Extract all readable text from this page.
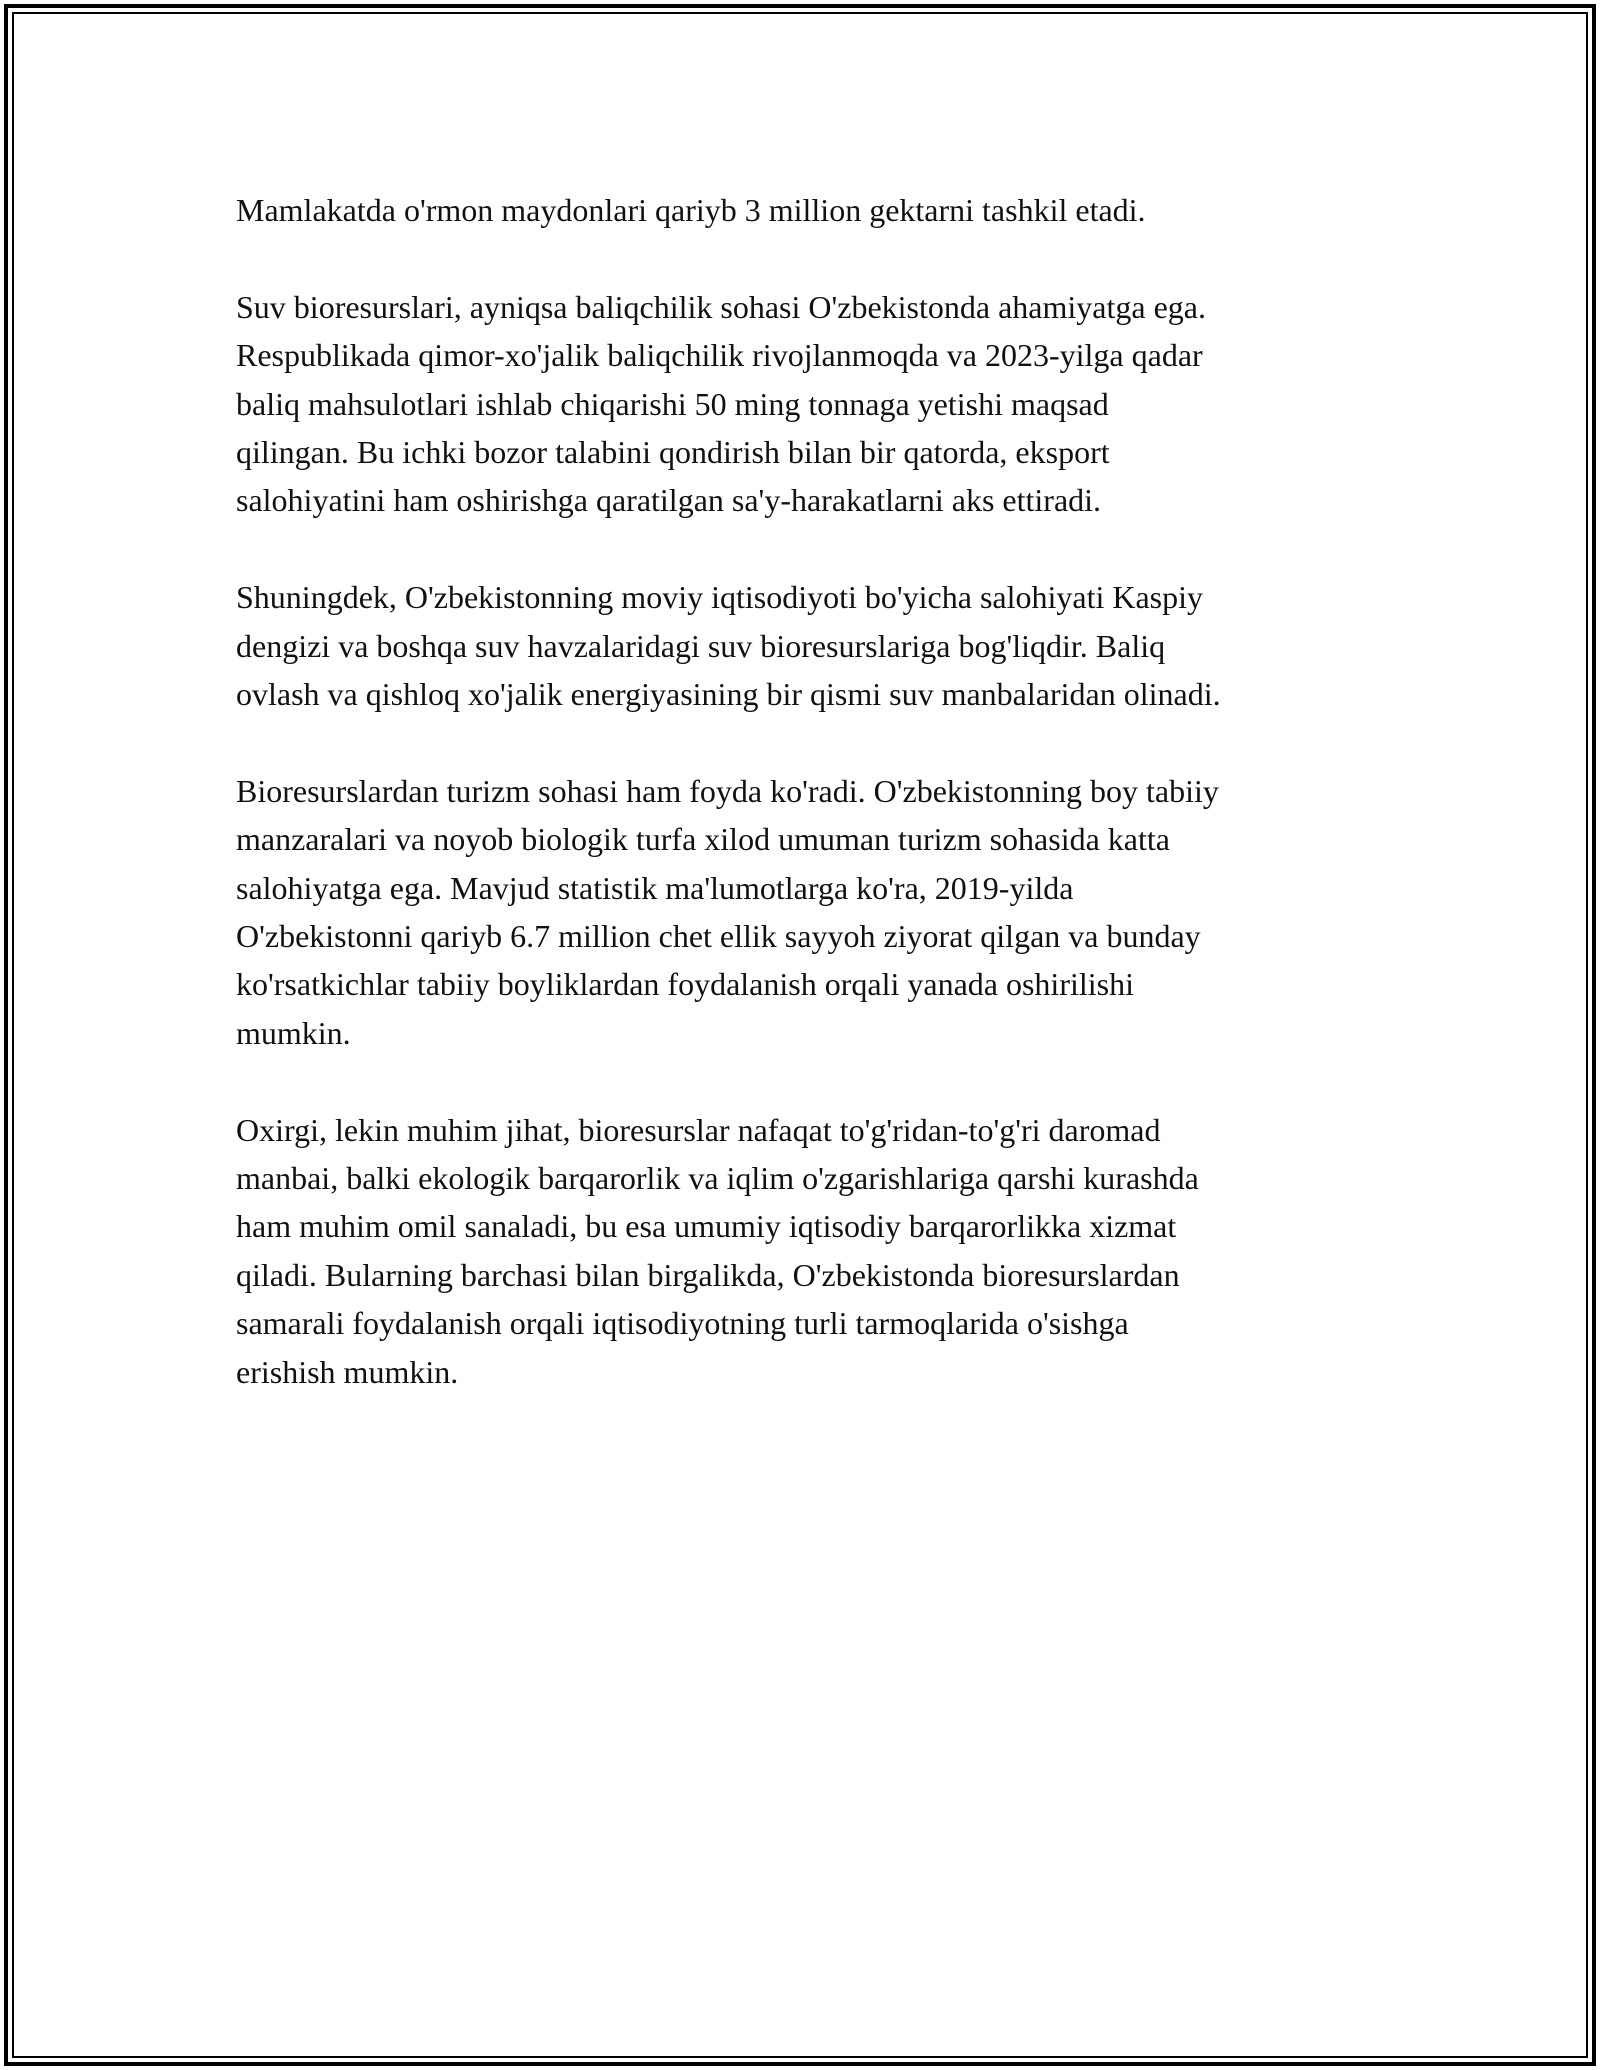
Mamlakatda o'rmon maydonlari qariyb 3 million gektarni tashkil etadi.

Suv bioresurslari, ayniqsa baliqchilik sohasi O'zbekistonda ahamiyatga ega.
Respublikada qimor-xo'jalik baliqchilik rivojlanmoqda va 2023-yilga qadar
baliq mahsulotlari ishlab chiqarishi 50 ming tonnaga yetishi maqsad
qilingan. Bu ichki bozor talabini qondirish bilan bir qatorda, eksport
salohiyatini ham oshirishga qaratilgan sa'y-harakatlarni aks ettiradi.

Shuningdek, O'zbekistonning moviy iqtisodiyoti bo'yicha salohiyati Kaspiy
dengizi va boshqa suv havzalaridagi suv bioresurslariga bog'liqdir. Baliq
ovlash va qishloq xo'jalik energiyasining bir qismi suv manbalaridan olinadi.

Bioresurslardan turizm sohasi ham foyda ko'radi. O'zbekistonning boy tabiiy
manzaralari va noyob biologik turfa xilod umuman turizm sohasida katta
salohiyatga ega. Mavjud statistik ma'lumotlarga ko'ra, 2019-yilda
O'zbekistonni qariyb 6.7 million chet ellik sayyoh ziyorat qilgan va bunday
ko'rsatkichlar tabiiy boyliklardan foydalanish orqali yanada oshirilishi
mumkin.

Oxirgi, lekin muhim jihat, bioresurslar nafaqat to'g'ridan-to'g'ri daromad
manbai, balki ekologik barqarorlik va iqlim o'zgarishlariga qarshi kurashda
ham muhim omil sanaladi, bu esa umumiy iqtisodiy barqarorlikka xizmat
qiladi. Bularning barchasi bilan birgalikda, O'zbekistonda bioresurslardan
samarali foydalanish orqali iqtisodiyotning turli tarmoqlarida o'sishga
erishish mumkin.
